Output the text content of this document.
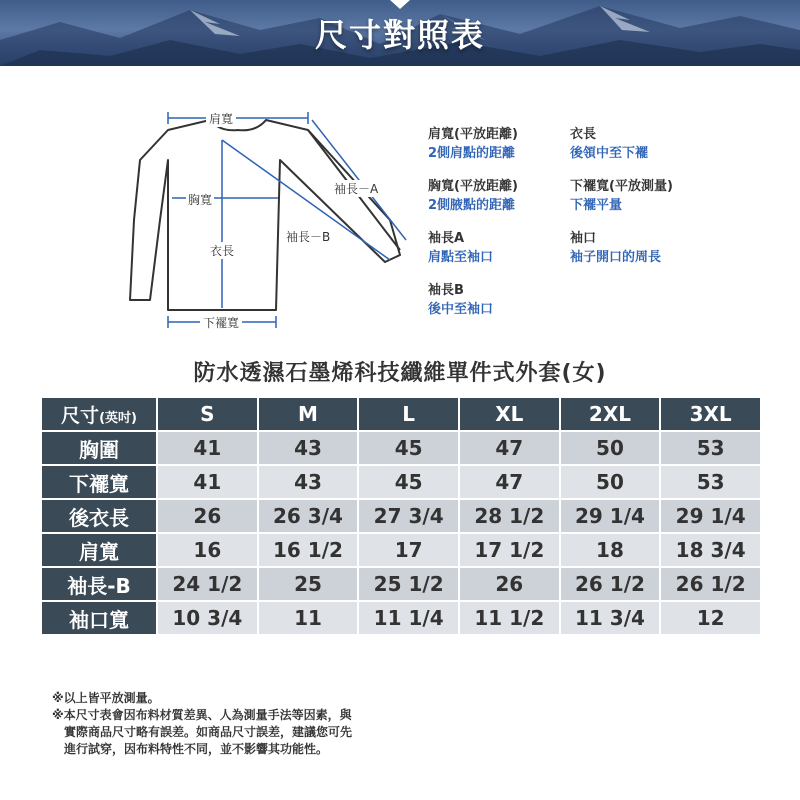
尺寸對照表
肩寬
胸寬
衣長
下襬寬
袖長－A
袖長－B
肩寬(平放距離)
2側肩點的距離
衣長
後領中至下襬
胸寬(平放距離)
2側腋點的距離
下襬寬(平放測量)
下襬平量
袖長A
肩點至袖口
袖口
袖子開口的周長
袖長B
後中至袖口
防水透濕石墨烯科技纖維單件式外套(女)
尺寸(英吋)	S	M	L	XL	2XL	3XL
胸圍	41	43	45	47	50	53
下襬寬	41	43	45	47	50	53
後衣長	26	26 3/4	27 3/4	28 1/2	29 1/4	29 1/4
肩寬	16	16 1/2	17	17 1/2	18	18 3/4
袖長-B	24 1/2	25	25 1/2	26	26 1/2	26 1/2
袖口寬	10 3/4	11	11 1/4	11 1/2	11 3/4	12
※以上皆平放測量。
※本尺寸表會因布料材質差異、人為測量手法等因素，與
實際商品尺寸略有誤差。如商品尺寸誤差，建議您可先
進行試穿，因布料特性不同，並不影響其功能性。
